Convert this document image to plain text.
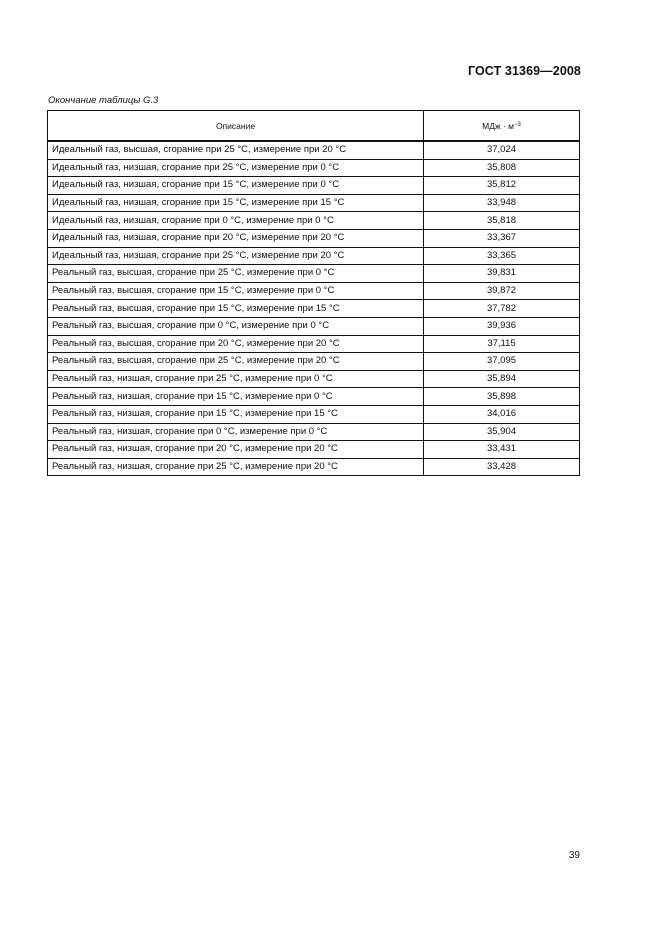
ГОСТ 31369—2008
Окончание таблицы G.3
Описание	МДж · $м^{-3}$
Идеальный газ, высшая, сгорание при 25 °С, измерение при 20 °С	37,024
Идеальный газ, низшая, сгорание при 25 °С, измерение при 0 °С	35,808
Идеальный газ, низшая, сгорание при 15 °С, измерение при 0 °С	35,812
Идеальный газ, низшая, сгорание при 15 °С, измерение при 15 °С	33,948
Идеальный газ, низшая, сгорание при 0 °С, измерение при 0 °С	35,818
Идеальный газ, низшая, сгорание при 20 °С, измерение при 20 °С	33,367
Идеальный газ, низшая, сгорание при 25 °С, измерение при 20 °С	33,365
Реальный газ, высшая, сгорание при 25 °С, измерение при 0 °С	39,831
Реальный газ, высшая, сгорание при 15 °С, измерение при 0 °С	39,872
Реальный газ, высшая, сгорание при 15 °С, измерение при 15 °С	37,782
Реальный газ, высшая, сгорание при 0 °С, измерение при 0 °С	39,936
Реальный газ, высшая, сгорание при 20 °С, измерение при 20 °С	37,115
Реальный газ, высшая, сгорание при 25 °С, измерение при 20 °С	37,095
Реальный газ, низшая, сгорание при 25 °С, измерение при 0 °С	35,894
Реальный газ, низшая, сгорание при 15 °С, измерение при 0 °С	35,898
Реальный газ, низшая, сгорание при 15 °С, измерение при 15 °С	34,016
Реальный газ, низшая, сгорание при 0 °С, измерение при 0 °С	35,904
Реальный газ, низшая, сгорание при 20 °С, измерение при 20 °С	33,431
Реальный газ, низшая, сгорание при 25 °С, измерение при 20 °С	33,428
39
